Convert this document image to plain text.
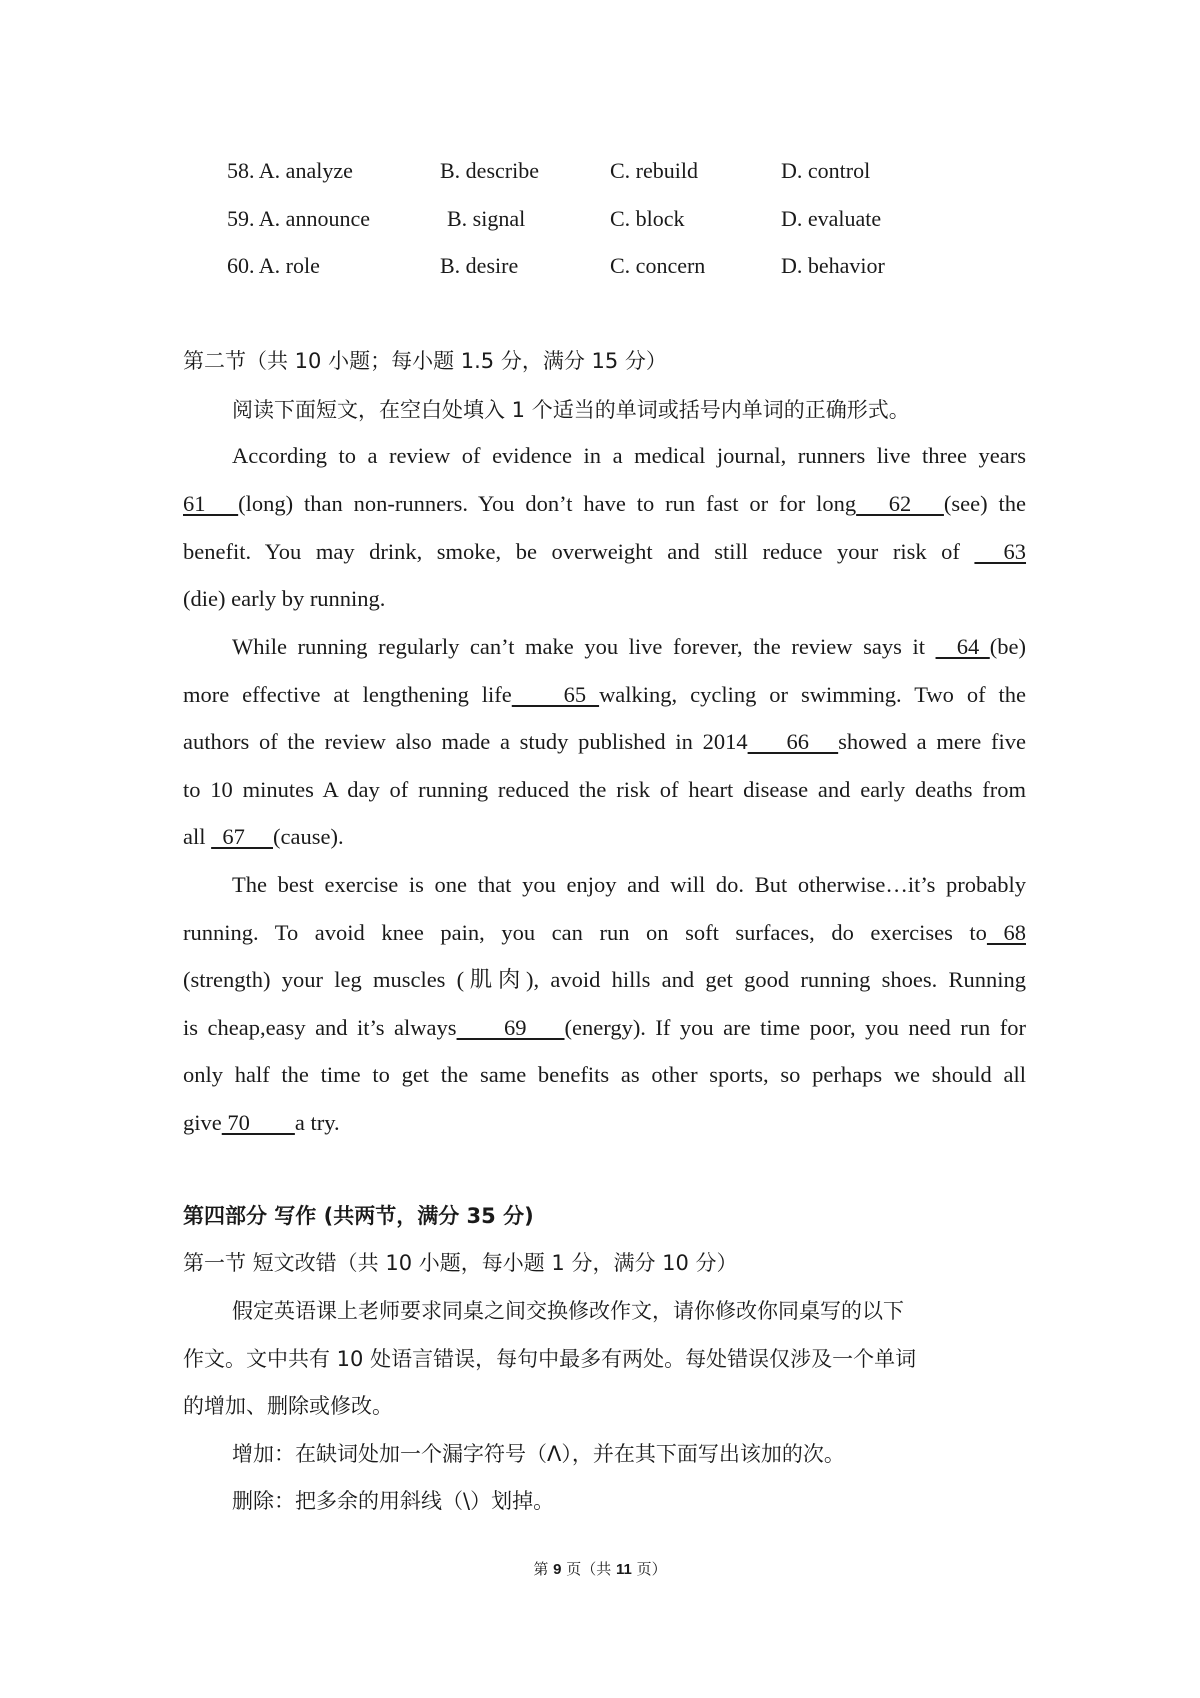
58. A. analyze	B. describe	C. rebuild	D. control
59. A. announce	B. signal	C. block	D. evaluate
60. A. role	B. desire	C. concern	D. behavior
第二节（共 10 小题；每小题 1.5 分，满分 15 分）
阅读下面短文，在空白处填入 1 个适当的单词或括号内单词的正确形式。
According to a review of evidence in a medical journal, runners live three years
61   (long) than non-runners. You don’t have to run fast or for long   62   (see) the
benefit. You may drink, smoke, be overweight and still reduce your risk of   63
(die) early by running.
While running regularly can’t make you live forever, the review says it   64 (be)
more effective at lengthening life    65 walking, cycling or swimming. Two of the
authors of the review also made a study published in 2014    66   showed a mere five
to 10 minutes A day of running reduced the risk of heart disease and early deaths from
all   67     (cause).
The best exercise is one that you enjoy and will do. But otherwise…it’s probably
running. To avoid knee pain, you can run on soft surfaces, do exercises to 68
(strength) your leg muscles (肌肉), avoid hills and get good running shoes. Running
is cheap,easy and it’s always     69    (energy). If you are time poor, you need run for
only half the time to get the same benefits as other sports, so perhaps we should all
give 70        a try.
第四部分 写作 (共两节，满分 35 分)
第一节 短文改错（共 10 小题，每小题 1 分，满分 10 分）
假定英语课上老师要求同桌之间交换修改作文，请你修改你同桌写的以下
作文。文中共有 10 处语言错误，每句中最多有两处。每处错误仅涉及一个单词
的增加、删除或修改。
增加：在缺词处加一个漏字符号（Λ），并在其下面写出该加的次。
删除：把多余的用斜线（\）划掉。
第 9 页（共 11 页）
